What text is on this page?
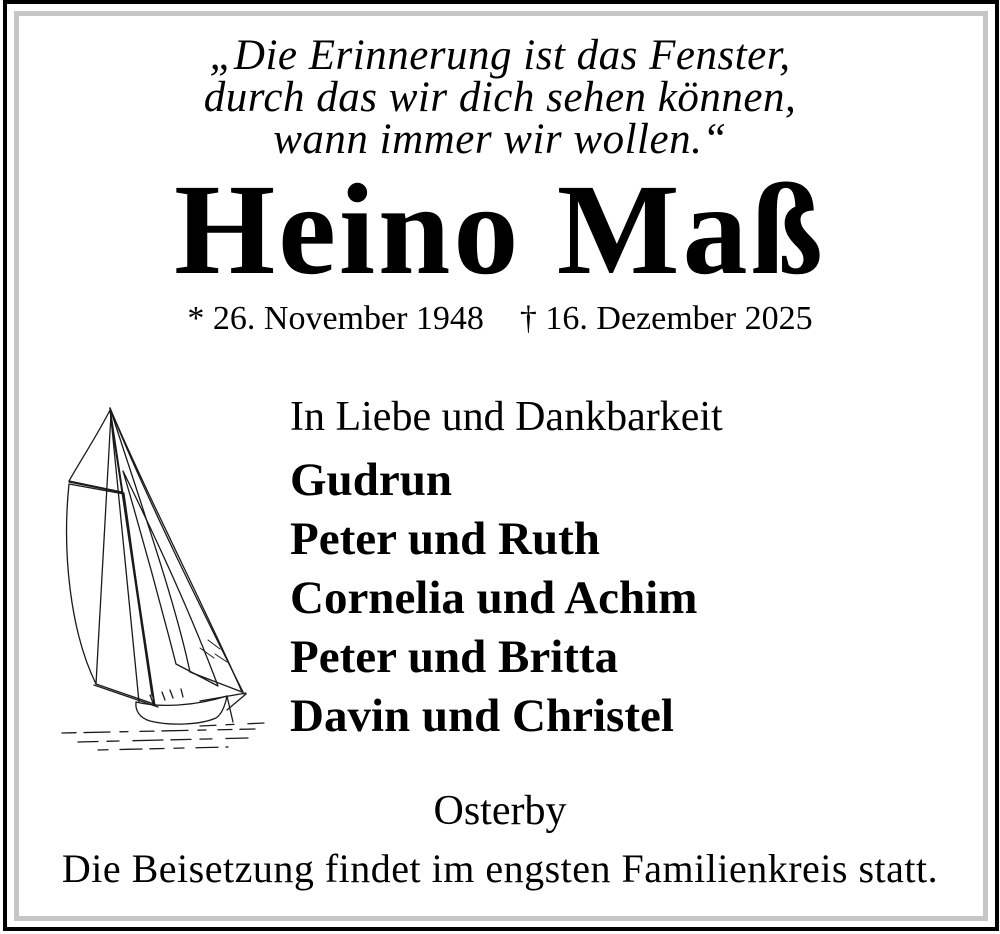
„Die Erinnerung ist das Fenster,
durch das wir dich sehen können,
wann immer wir wollen.“
Heino Maß
* 26. November 1948 † 16. Dezember 2025
In Liebe und Dankbarkeit
Gudrun
Peter und Ruth
Cornelia und Achim
Peter und Britta
Davin und Christel
Osterby
Die Beisetzung findet im engsten Familienkreis statt.
